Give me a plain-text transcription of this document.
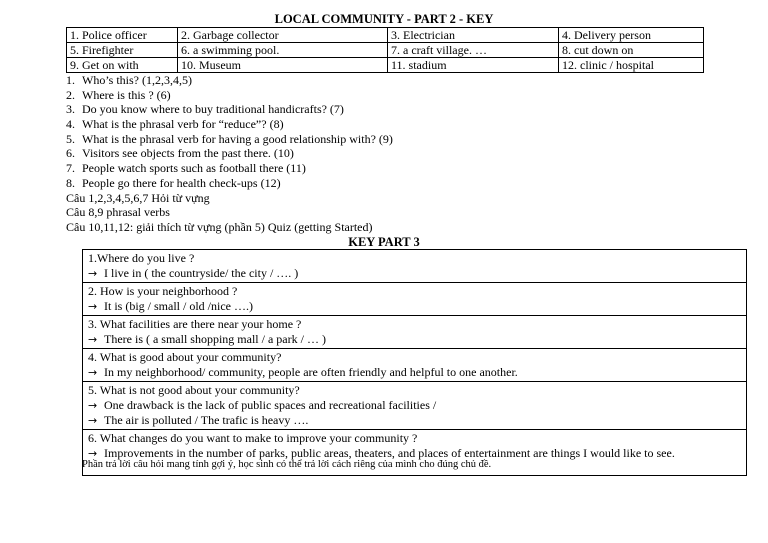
LOCAL COMMUNITY - PART 2 - KEY
1. Police officer	2. Garbage collector	3. Electrician	4. Delivery person
5. Firefighter	6. a swimming pool.	7. a craft village. …	8. cut down on
9. Get on with	10. Museum	11. stadium	12. clinic / hospital
1. Who’s this? (1,2,3,4,5)
2. Where is this ? (6)
3. Do you know where to buy traditional handicrafts? (7)
4. What is the phrasal verb for “reduce”? (8)
5. What is the phrasal verb for having a good relationship with? (9)
6. Visitors see objects from the past there. (10)
7. People watch sports such as football there (11)
8. People go there for health check-ups (12)
Câu 1,2,3,4,5,6,7 Hỏi từ vựng
Câu 8,9 phrasal verbs
Câu 10,11,12: giải thích từ vựng (phần 5) Quiz (getting Started)
KEY PART 3
1.Where do you live ?
→ I live in ( the countryside/ the city / …. )
2. How is your neighborhood ?
→ It is (big / small / old /nice ….)
3. What facilities are there near your home ?
→ There is ( a small shopping mall / a park / … )
4. What is good about your community?
→ In my neighborhood/ community, people are often friendly and helpful to one another.
5. What is not good about your community?
→ One drawback is the lack of public spaces and recreational facilities /
→ The air is polluted / The trafic is heavy ….
6. What changes do you want to make to improve your community ?
→ Improvements in the number of parks, public areas, theaters, and places of entertainment are things I would like to see.
Phần trả lời câu hỏi mang tính gợi ý, học sinh có thể trả lời cách riêng của mình cho đúng chủ đề.
